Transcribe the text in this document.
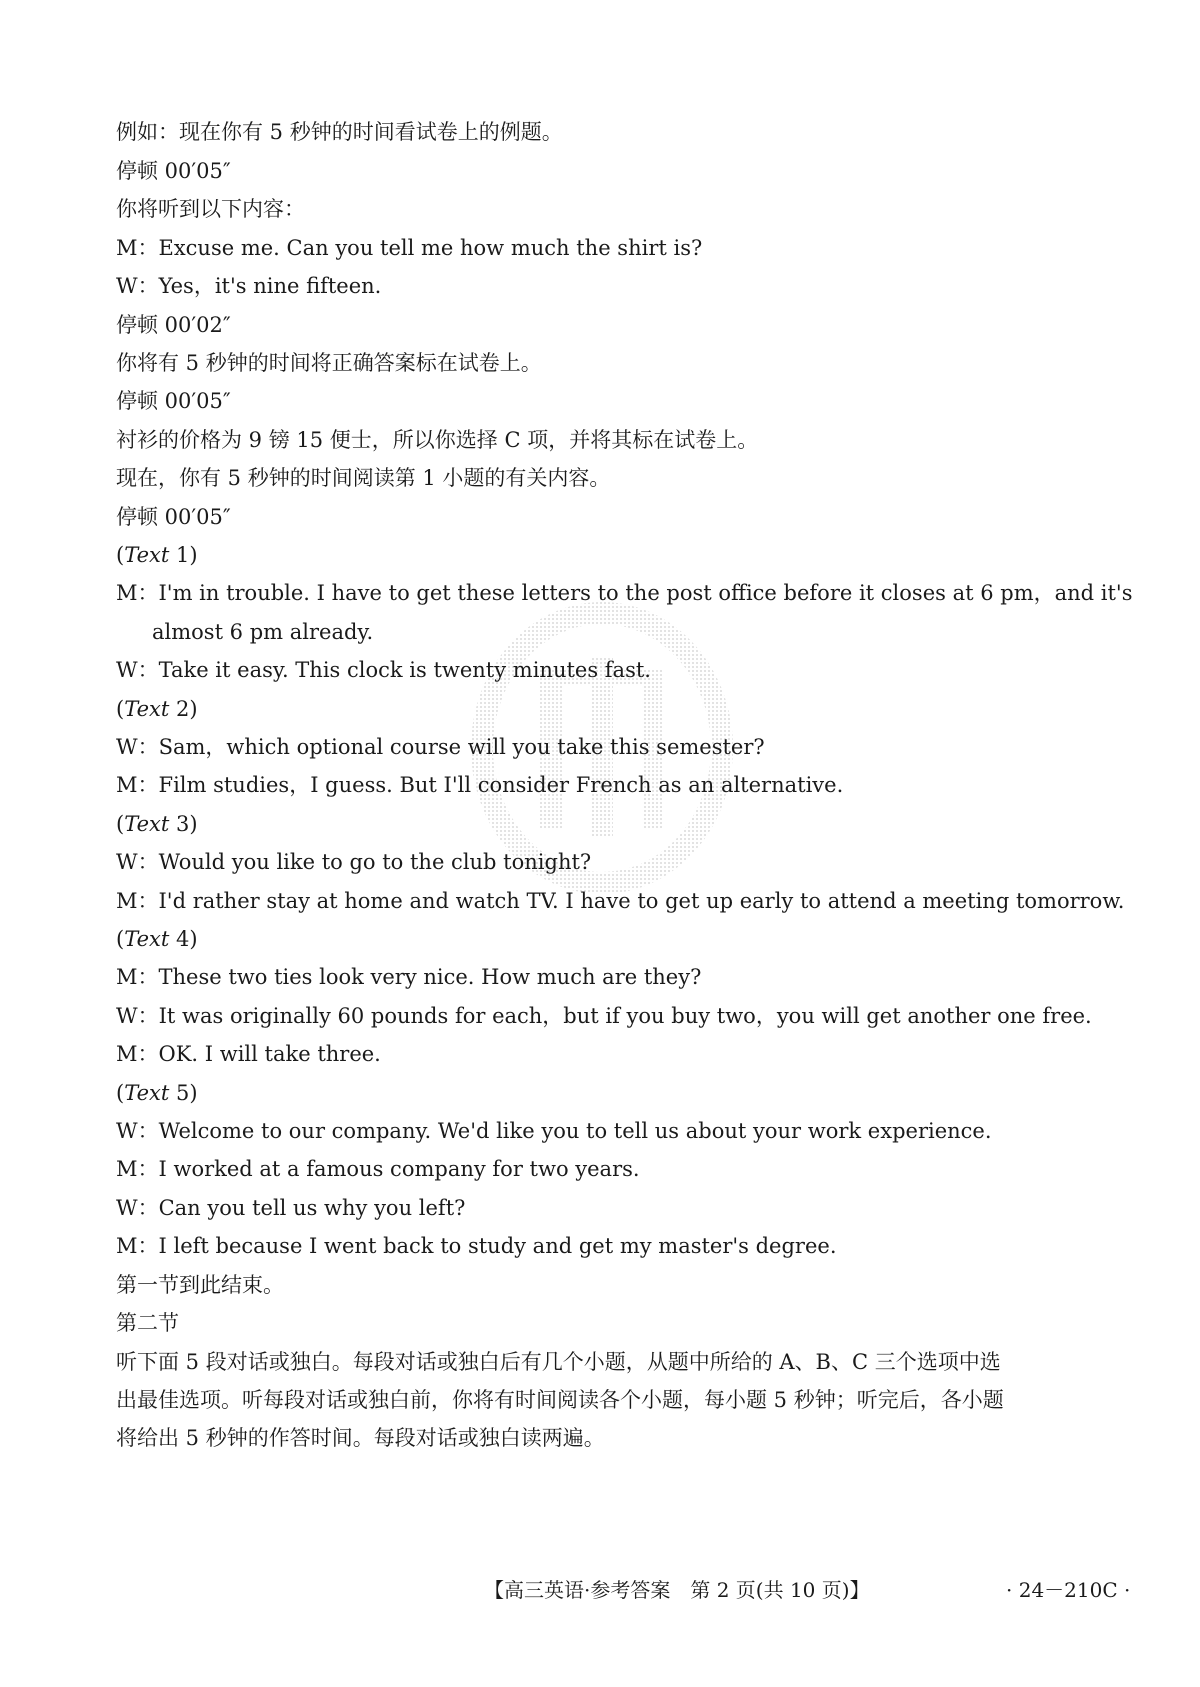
例如：现在你有 5 秒钟的时间看试卷上的例题。
停顿 00′05″
你将听到以下内容：
M：Excuse me. Can you tell me how much the shirt is?
W：Yes，it's nine fifteen.
停顿 00′02″
你将有 5 秒钟的时间将正确答案标在试卷上。
停顿 00′05″
衬衫的价格为 9 镑 15 便士，所以你选择 C 项，并将其标在试卷上。
现在，你有 5 秒钟的时间阅读第 1 小题的有关内容。
停顿 00′05″
(Text 1)
M：I'm in trouble. I have to get these letters to the post office before it closes at 6 pm，and it's
almost 6 pm already.
W：Take it easy. This clock is twenty minutes fast.
(Text 2)
W：Sam，which optional course will you take this semester?
M：Film studies，I guess. But I'll consider French as an alternative.
(Text 3)
W：Would you like to go to the club tonight?
M：I'd rather stay at home and watch TV. I have to get up early to attend a meeting tomorrow.
(Text 4)
M：These two ties look very nice. How much are they?
W：It was originally 60 pounds for each，but if you buy two，you will get another one free.
M：OK. I will take three.
(Text 5)
W：Welcome to our company. We'd like you to tell us about your work experience.
M：I worked at a famous company for two years.
W：Can you tell us why you left?
M：I left because I went back to study and get my master's degree.
第一节到此结束。
第二节
听下面 5 段对话或独白。每段对话或独白后有几个小题，从题中所给的 A、B、C 三个选项中选
出最佳选项。听每段对话或独白前，你将有时间阅读各个小题，每小题 5 秒钟；听完后，各小题
将给出 5 秒钟的作答时间。每段对话或独白读两遍。
【高三英语·参考答案　第 2 页(共 10 页)】	· 24－210C ·
